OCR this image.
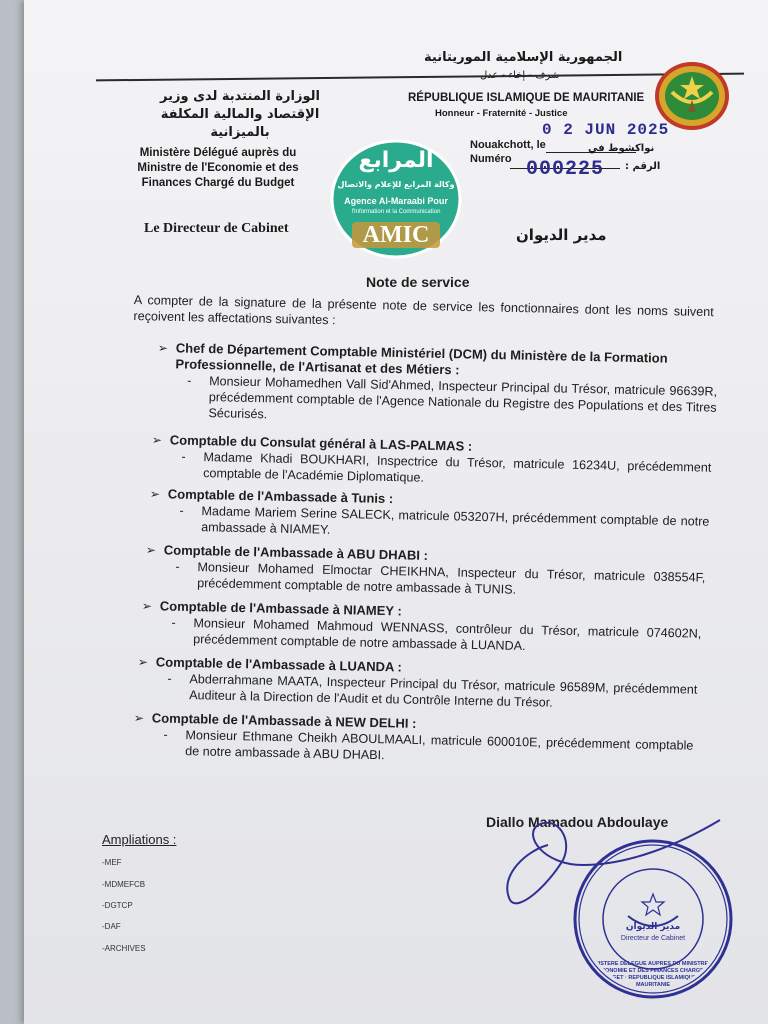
الجمهورية الإسلامية الموريتانية
RÉPUBLIQUE ISLAMIQUE DE MAURITANIE
Honneur - Fraternité - Justice
الوزارة المنتدبة لدى وزير الإقتصاد والمالية المكلفة بالميزانية
Ministère Délégué auprès du Ministre de l'Economie et des Finances Chargé du Budget
Le Directeur de Cabinet	مدير الديوان
Nouakchott, le	نواكشوط في
Numéro
الرقم :
0 2 JUN 2025
000225
المرابع
وكالة المرابع للإعلام والاتصال
Agence Al-Maraabi Pour
l'Information et la Communication
AMIC
Note de service
A compter de la signature de la présente note de service les fonctionnaires dont les noms suivent reçoivent les affectations suivantes :
➢ Chef de Département Comptable Ministériel (DCM) du Ministère de la Formation Professionnelle, de l'Artisanat et des Métiers :
- Monsieur Mohamedhen Vall Sid'Ahmed, Inspecteur Principal du Trésor, matricule 96639R, précédemment comptable de l'Agence Nationale du Registre des Populations et des Titres Sécurisés.
➢ Comptable du Consulat général à LAS-PALMAS :
- Madame Khadi BOUKHARI, Inspectrice du Trésor, matricule 16234U, précédemment comptable de l'Académie Diplomatique.
➢ Comptable de l'Ambassade à Tunis :
- Madame Mariem Serine SALECK, matricule 053207H, précédemment comptable de notre ambassade à NIAMEY.
➢ Comptable de l'Ambassade à ABU DHABI :
- Monsieur Mohamed Elmoctar CHEIKHNA, Inspecteur du Trésor, matricule 038554F, précédemment comptable de notre ambassade à TUNIS.
➢ Comptable de l'Ambassade à NIAMEY :
- Monsieur Mohamed Mahmoud WENNASS, contrôleur du Trésor, matricule 074602N, précédemment comptable de notre ambassade à LUANDA.
➢ Comptable de l'Ambassade à LUANDA :
- Abderrahmane MAATA, Inspecteur Principal du Trésor, matricule 96589M, précédemment Auditeur à la Direction de l'Audit et du Contrôle Interne du Trésor.
➢ Comptable de l'Ambassade à NEW DELHI :
- Monsieur Ethmane Cheikh ABOULMAALI, matricule 600010E, précédemment comptable de notre ambassade à ABU DHABI.
Diallo Mamadou Abdoulaye
MINISTERE DELEGUE AUPRES DU MINISTRE DE L'ECONOMIE ET DES FINANCES CHARGE DU BUDGET · REPUBLIQUE ISLAMIQUE DE MAURITANIE
مدير الديوان
Directeur de Cabinet
Ampliations :
-MEF
-MDMEFCB
-DGTCP
-DAF
-ARCHIVES
